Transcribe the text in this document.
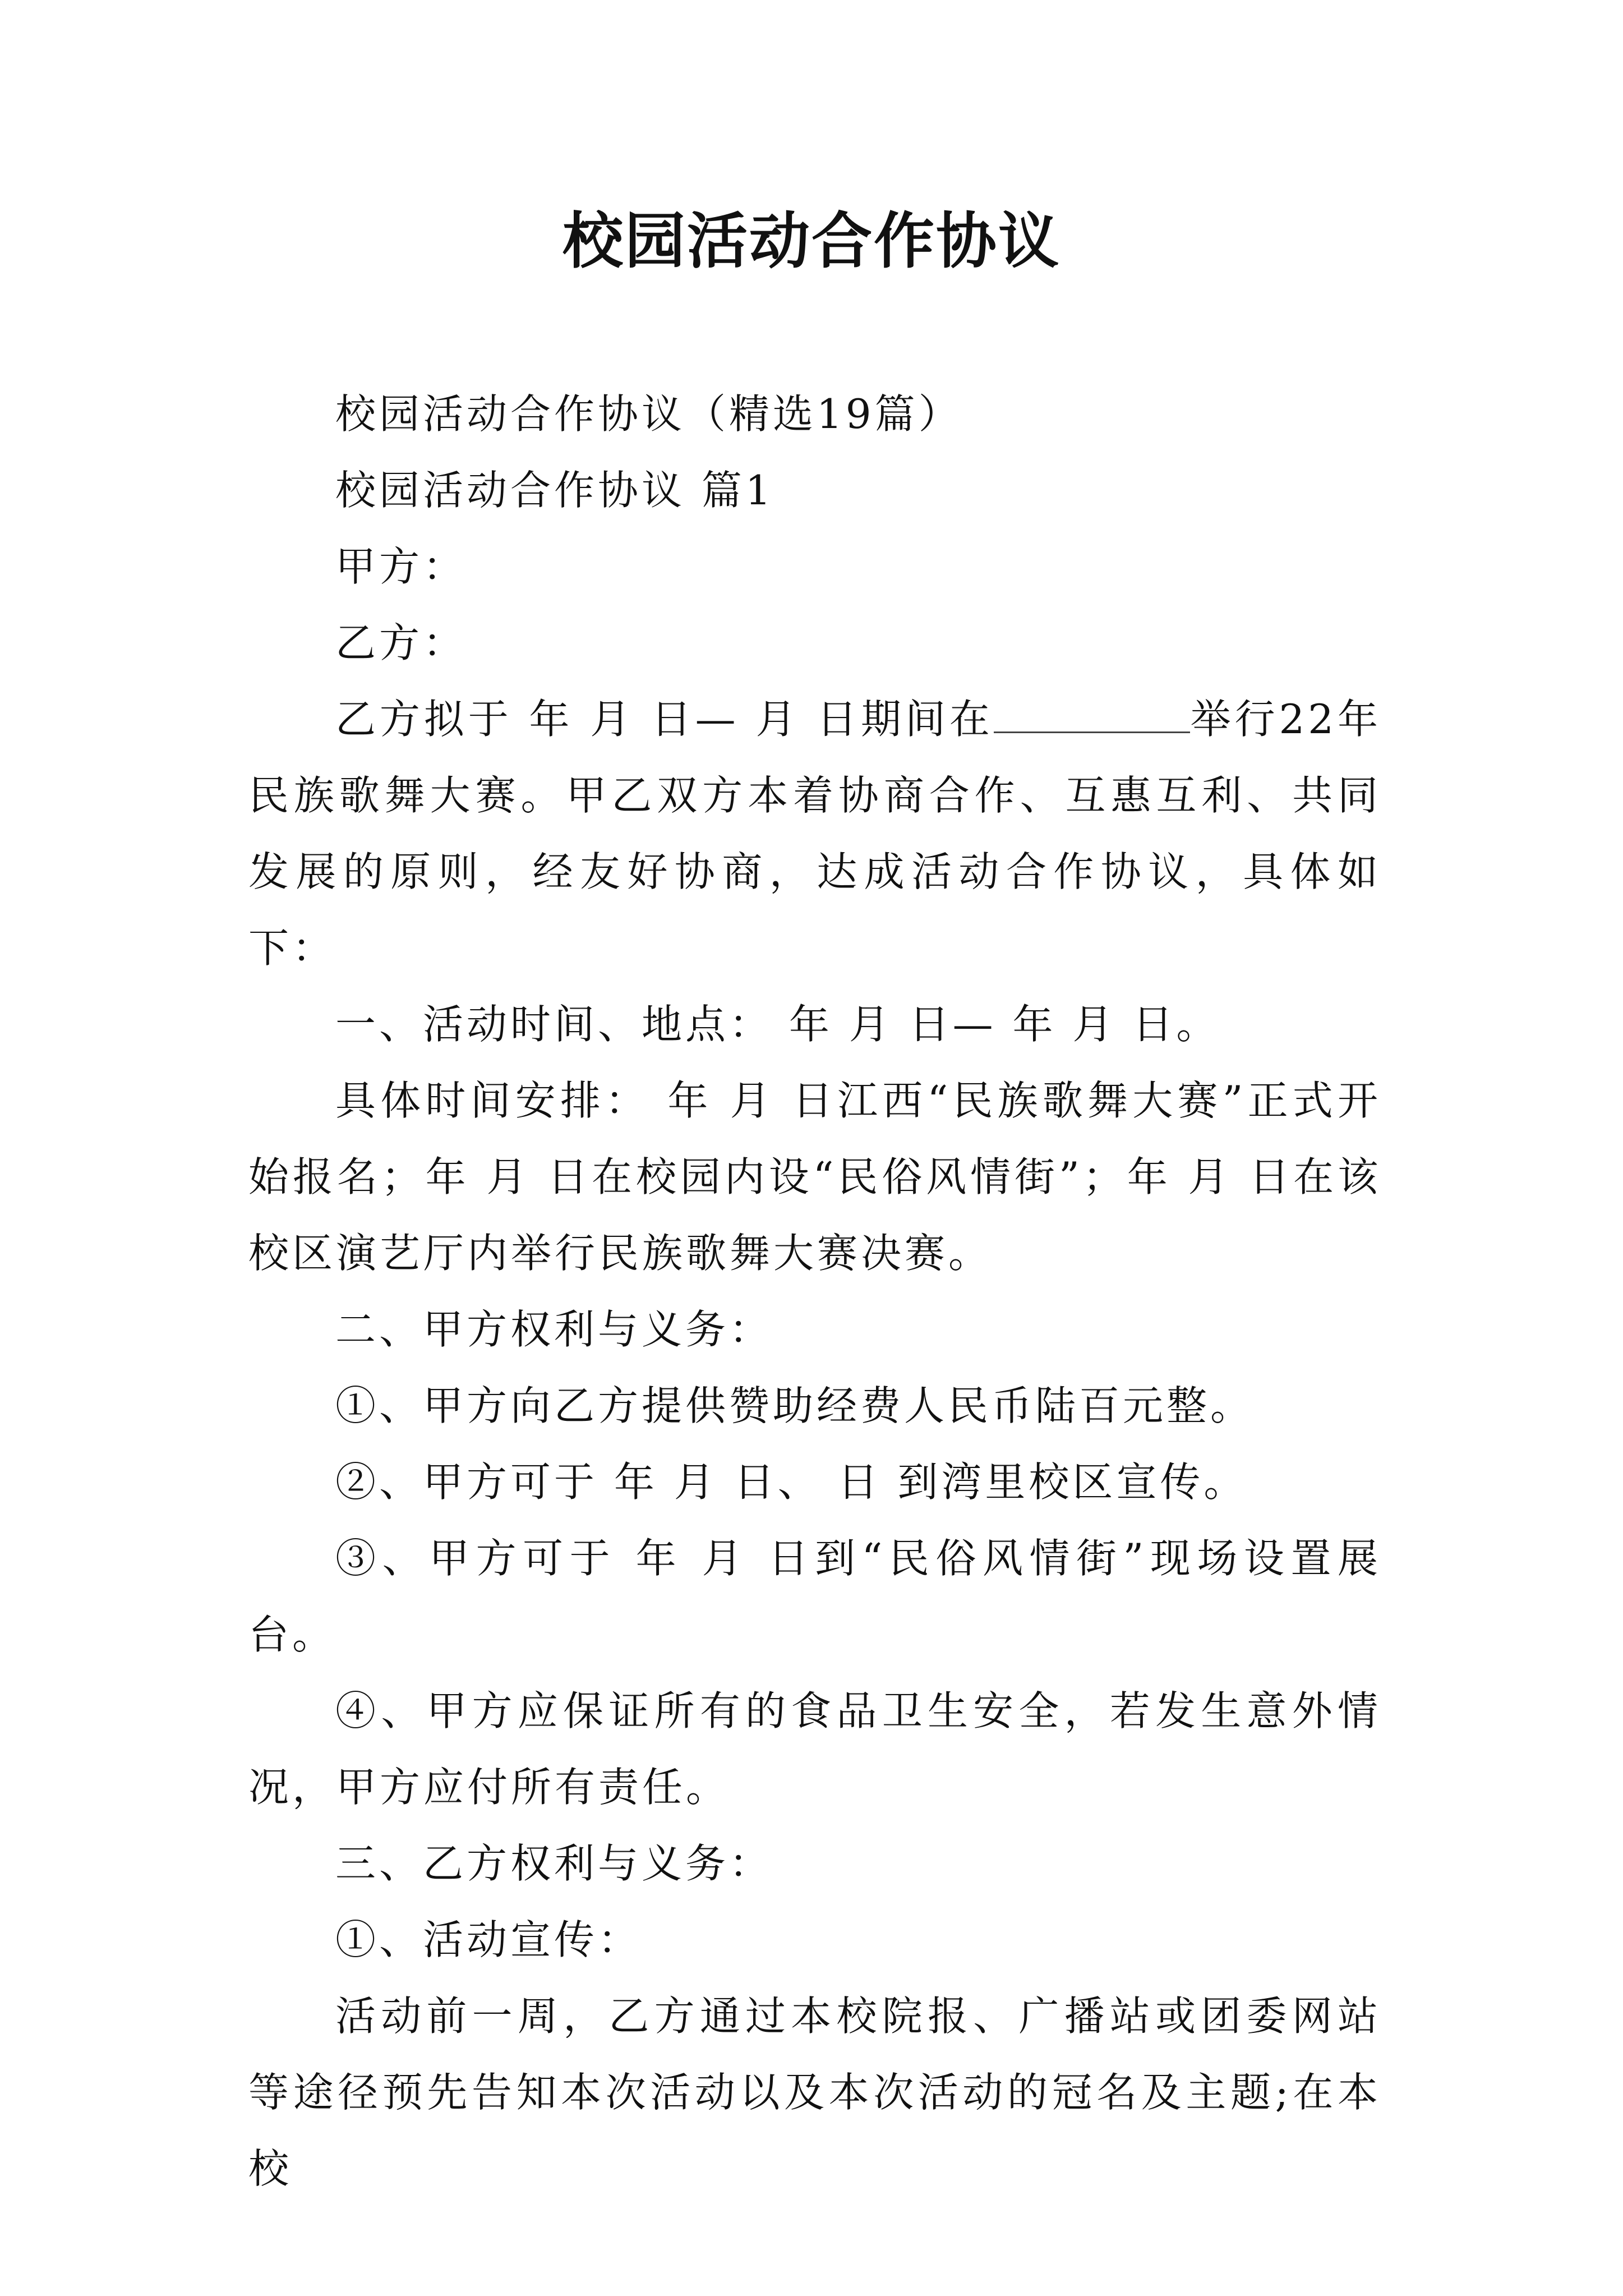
校园活动合作协议

校园活动合作协议（精选19篇）

校园活动合作协议 篇1

甲方：

乙方：

乙方拟于 年 月 日— 月 日期间在	举行22年民族歌舞大赛。甲乙双方本着协商合作、互惠互利、共同发展的原则，经友好协商，达成活动合作协议，具体如下：

一、活动时间、地点： 年 月 日— 年 月 日。

具体时间安排： 年 月 日江西“民族歌舞大赛”正式开始报名；年 月 日在校园内设“民俗风情街”；年 月 日在该校区演艺厅内举行民族歌舞大赛决赛。

二、甲方权利与义务：

①、甲方向乙方提供赞助经费人民币陆百元整。

②、甲方可于 年 月 日、 日 到湾里校区宣传。

③、甲方可于 年 月 日到“民俗风情街”现场设置展台。

④、甲方应保证所有的食品卫生安全，若发生意外情况，甲方应付所有责任。

三、乙方权利与义务：

①、活动宣传：

活动前一周，乙方通过本校院报、广播站或团委网站等途径预先告知本次活动以及本次活动的冠名及主题;在本校
